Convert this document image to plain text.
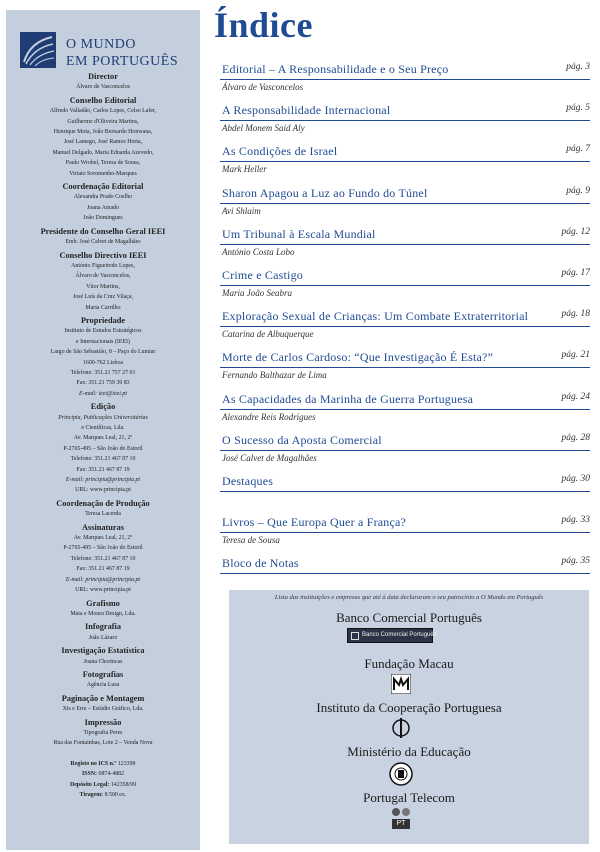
O MUNDO
EM PORTUGUÊS
Director
Álvaro de Vasconcelos
Conselho Editorial
Alfredo Valladão, Carlos Lopes, Celso Lafer,
Guilherme d'Oliveira Martins,
Henrique Mota, João Bernardo Honwana,
José Lamego, José Ramos Horta,
Manuel Delgado, Maria Eduarda Azevedo,
Paulo Wrobel, Teresa de Sousa,
Viriato Soromenho-Marques
Coordenação Editorial
Alexandra Prado Coelho
Joana Amado
João Domingues
Presidente do Conselho Geral IEEI
Emb. José Calvet de Magalhães
Conselho Directivo IEEI
António Figueiredo Lopes,
Álvaro de Vasconcelos,
Vítor Martins,
José Luís da Cruz Vilaça,
Maria Carrilho
Propriedade
Instituto de Estudos Estratégicos
e Internacionais (IEEI)
Largo de São Sebastião, 8 – Paço do Lumiar
1600-762 Lisboa
Telefone: 351.21 757 27 01
Fax: 351.21 759 39 83
E-mail: ieei@ieei.pt
Edição
Principia, Publicações Universitárias
e Científicas, Lda.
Av. Marques Leal, 21, 2º
P-2765-495 – São João do Estoril
Telefone: 351.21 467 87 10
Fax: 351.21 467 87 19
E-mail: principia@principia.pt
URL: www.principia.pt
Coordenação de Produção
Teresa Lacerda
Assinaturas
Av. Marques Leal, 21, 2º
P-2765-495 – São João do Estoril
Telefone: 351.21 467 87 10
Fax: 351.21 467 87 19
E-mail: principia@principia.pt
URL: www.principia.pt
Grafismo
Maia e Moura Design, Lda.
Infografia
João Lázaro
Investigação Estatística
Joana Chorincas
Fotografias
Agência Lusa
Paginação e Montagem
Xis e Erre – Estúdio Gráfico, Lda.
Impressão
Tipografia Peres
Rua das Fontainhas, Lote 2 – Venda Nova
Registo no ICS n.º 123399
ISSN: 0874-4882
Depósito Legal: 142358/99
Tiragem: 8.500 ex.
Índice
Editorial – A Responsabilidade e o Seu Preço	pág. 3
Álvaro de Vasconcelos
A Responsabilidade Internacional	pág. 5
Abdel Monem Said Aly
As Condições de Israel	pág. 7
Mark Heller
Sharon Apagou a Luz ao Fundo do Túnel	pág. 9
Avi Shlaim
Um Tribunal à Escala Mundial	pág. 12
António Costa Lobo
Crime e Castigo	pág. 17
Maria João Seabra
Exploração Sexual de Crianças: Um Combate Extraterritorial	pág. 18
Catarina de Albuquerque
Morte de Carlos Cardoso: “Que Investigação É Esta?”	pág. 21
Fernando Balthazar de Lima
As Capacidades da Marinha de Guerra Portuguesa	pág. 24
Alexandre Reis Rodrigues
O Sucesso da Aposta Comercial	pág. 28
José Calvet de Magalhães
Destaques	pág. 30
Livros – Que Europa Quer a França?	pág. 33
Teresa de Sousa
Bloco de Notas	pág. 35
Lista das instituições e empresas que até à data declararam o seu patrocínio a O Mundo em Português
Banco Comercial Português
Banco Comercial Português
Fundação Macau
Instituto da Cooperação Portuguesa
Ministério da Educação
Portugal Telecom
PT
